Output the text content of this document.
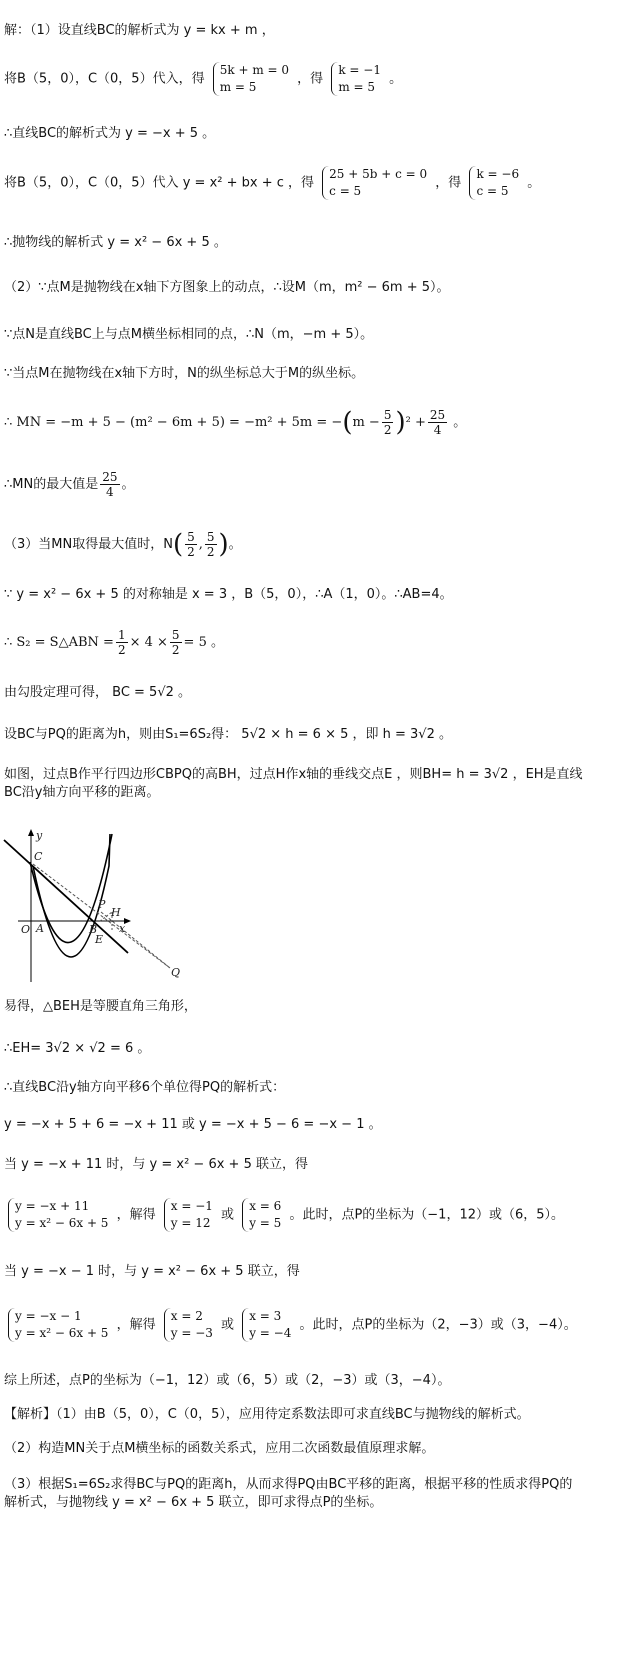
解：（1）设直线BC的解析式为 y = kx + m ，
将B（5，0），C（0，5）代入，得
5k + m = 0
m = 5
，得
k = −1
m = 5
。
∴直线BC的解析式为 y = −x + 5 。
将B（5，0），C（0，5）代入 y = x² + bx + c ，得
25 + 5b + c = 0
c = 5
，得
k = −6
c = 5
。
∴抛物线的解析式 y = x² − 6x + 5 。
（2）∵点M是抛物线在x轴下方图象上的动点，∴设M（m，m² − 6m + 5）。
∵点N是直线BC上与点M横坐标相同的点，∴N（m，−m + 5）。
∵当点M在抛物线在x轴下方时，N的纵坐标总大于M的纵坐标。
∴ MN = $-m + 5 - (m^2 - 6m + 5) = -m^2 + 5m = -(m - \frac{5}{2} )^2 + \frac{25}{4}$ 。
∴MN的最大值是 $\frac{25}{4}$ 。
（3）当MN取得最大值时，$N( \frac{5}{2}$ , $\frac{5}{2}$ )。
∵ y = x² − 6x + 5 的对称轴是 x = 3 ，B（5，0），∴A（1，0）。∴AB=4。
∴ S₂ = S△ABN = $\frac{1}{2} \times 4 \times \frac{5}{2} = 5$ 。
由勾股定理可得， BC = 5√2 。
设BC与PQ的距离为h，则由S₁=6S₂得： 5√2 × h = 6 × 5 ，即 h = 3√2 。
如图，过点B作平行四边形CBPQ的高BH，过点H作x轴的垂线交点E ，则BH= h = 3√2 ，EH是直线
BC沿y轴方向平移的距离。
y
C
O A	B
P
H
E
x
Q
易得，△BEH是等腰直角三角形，
∴EH= 3√2 × √2 = 6 。
∴直线BC沿y轴方向平移6个单位得PQ的解析式：
y = −x + 5 + 6 = −x + 11 或 y = −x + 5 − 6 = −x − 1 。
当 y = −x + 11 时，与 y = x² − 6x + 5 联立，得
y = −x + 11
y = x² − 6x + 5
，解得
x = −1
y = 12
或
x = 6
y = 5
。此时，点P的坐标为（−1，12）或（6，5）。
当 y = −x − 1 时，与 y = x² − 6x + 5 联立，得
y = −x − 1
y = x² − 6x + 5
，解得
x = 2
y = −3
或
x = 3
y = −4
。此时，点P的坐标为（2，−3）或（3，−4）。
综上所述，点P的坐标为（−1，12）或（6，5）或（2，−3）或（3，−4）。
【解析】（1）由B（5，0），C（0，5），应用待定系数法即可求直线BC与抛物线的解析式。
（2）构造MN关于点M横坐标的函数关系式，应用二次函数最值原理求解。
（3）根据S₁=6S₂求得BC与PQ的距离h，从而求得PQ由BC平移的距离，根据平移的性质求得PQ的
解析式，与抛物线 y = x² − 6x + 5 联立，即可求得点P的坐标。
